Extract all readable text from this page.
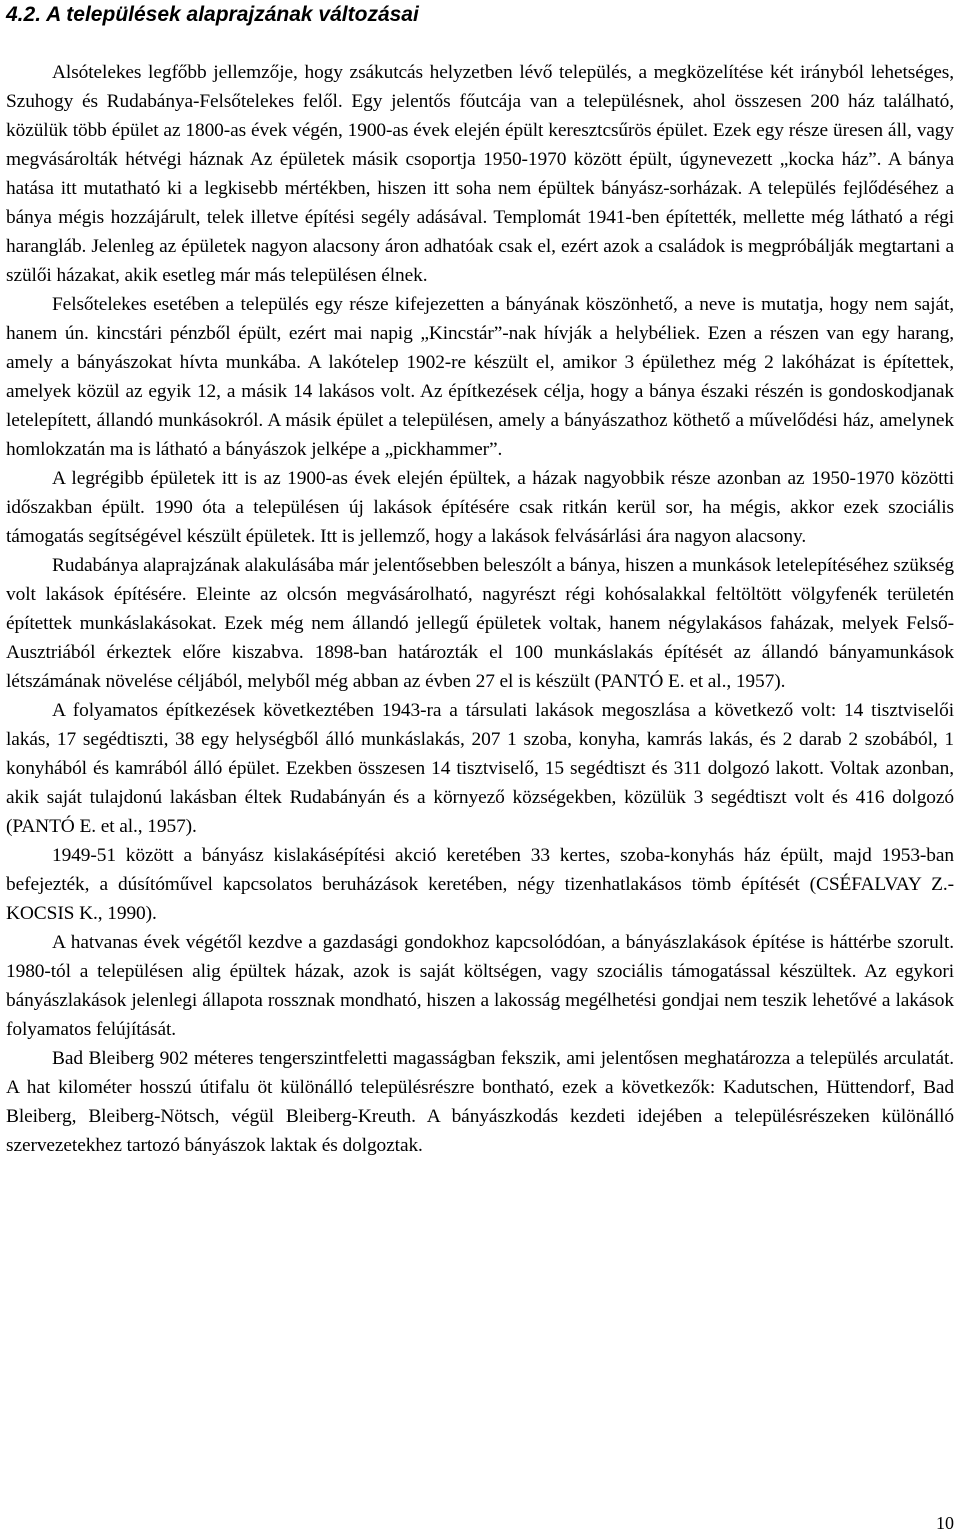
4.2. A települések alaprajzának változásai

Alsótelekes legfőbb jellemzője, hogy zsákutcás helyzetben lévő település, a megközelítése két irányból lehetséges, Szuhogy és Rudabánya-Felsőtelekes felől. Egy jelentős főutcája van a településnek, ahol összesen 200 ház található, közülük több épület az 1800-as évek végén, 1900-as évek elején épült keresztcsűrös épület. Ezek egy része üresen áll, vagy megvásárolták hétvégi háznak Az épületek másik csoportja 1950-1970 között épült, úgynevezett „kocka ház”. A bánya hatása itt mutatható ki a legkisebb mértékben, hiszen itt soha nem épültek bányász-sorházak. A település fejlődéséhez a bánya mégis hozzájárult, telek illetve építési segély adásával. Templomát 1941-ben építették, mellette még látható a régi harangláb. Jelenleg az épületek nagyon alacsony áron adhatóak csak el, ezért azok a családok is megpróbálják megtartani a szülői házakat, akik esetleg már más településen élnek.

Felsőtelekes esetében a település egy része kifejezetten a bányának köszönhető, a neve is mutatja, hogy nem saját, hanem ún. kincstári pénzből épült, ezért mai napig „Kincstár”-nak hívják a helybéliek. Ezen a részen van egy harang, amely a bányászokat hívta munkába. A lakótelep 1902-re készült el, amikor 3 épülethez még 2 lakóházat is építettek, amelyek közül az egyik 12, a másik 14 lakásos volt. Az építkezések célja, hogy a bánya északi részén is gondoskodjanak letelepített, állandó munkásokról. A másik épület a településen, amely a bányászathoz köthető a művelődési ház, amelynek homlokzatán ma is látható a bányászok jelképe a „pickhammer”.

A legrégibb épületek itt is az 1900-as évek elején épültek, a házak nagyobbik része azonban az 1950-1970 közötti időszakban épült. 1990 óta a településen új lakások építésére csak ritkán kerül sor, ha mégis, akkor ezek szociális támogatás segítségével készült épületek. Itt is jellemző, hogy a lakások felvásárlási ára nagyon alacsony.

Rudabánya alaprajzának alakulásába már jelentősebben beleszólt a bánya, hiszen a munkások letelepítéséhez szükség volt lakások építésére. Eleinte az olcsón megvásárolható, nagyrészt régi kohósalakkal feltöltött völgyfenék területén építettek munkáslakásokat. Ezek még nem állandó jellegű épületek voltak, hanem négylakásos faházak, melyek Felső-Ausztriából érkeztek előre kiszabva. 1898-ban határozták el 100 munkáslakás építését az állandó bányamunkások létszámának növelése céljából, melyből még abban az évben 27 el is készült (PANTÓ E. et al., 1957).

A folyamatos építkezések következtében 1943-ra a társulati lakások megoszlása a következő volt: 14 tisztviselői lakás, 17 segédtiszti, 38 egy helységből álló munkáslakás, 207 1 szoba, konyha, kamrás lakás, és 2 darab 2 szobából, 1 konyhából és kamrából álló épület. Ezekben összesen 14 tisztviselő, 15 segédtiszt és 311 dolgozó lakott. Voltak azonban, akik saját tulajdonú lakásban éltek Rudabányán és a környező községekben, közülük 3 segédtiszt volt és 416 dolgozó (PANTÓ E. et al., 1957).

1949-51 között a bányász kislakásépítési akció keretében 33 kertes, szoba-konyhás ház épült, majd 1953-ban befejezték, a dúsítóművel kapcsolatos beruházások keretében, négy tizenhatlakásos tömb építését (CSÉFALVAY Z.-KOCSIS K., 1990).

A hatvanas évek végétől kezdve a gazdasági gondokhoz kapcsolódóan, a bányászlakások építése is háttérbe szorult. 1980-tól a településen alig épültek házak, azok is saját költségen, vagy szociális támogatással készültek. Az egykori bányászlakások jelenlegi állapota rossznak mondható, hiszen a lakosság megélhetési gondjai nem teszik lehetővé a lakások folyamatos felújítását.

Bad Bleiberg 902 méteres tengerszintfeletti magasságban fekszik, ami jelentősen meghatározza a település arculatát. A hat kilométer hosszú útifalu öt különálló településrészre bontható, ezek a következők: Kadutschen, Hüttendorf, Bad Bleiberg, Bleiberg-Nötsch, végül Bleiberg-Kreuth. A bányászkodás kezdeti idejében a településrészeken különálló szervezetekhez tartozó bányászok laktak és dolgoztak.

10
